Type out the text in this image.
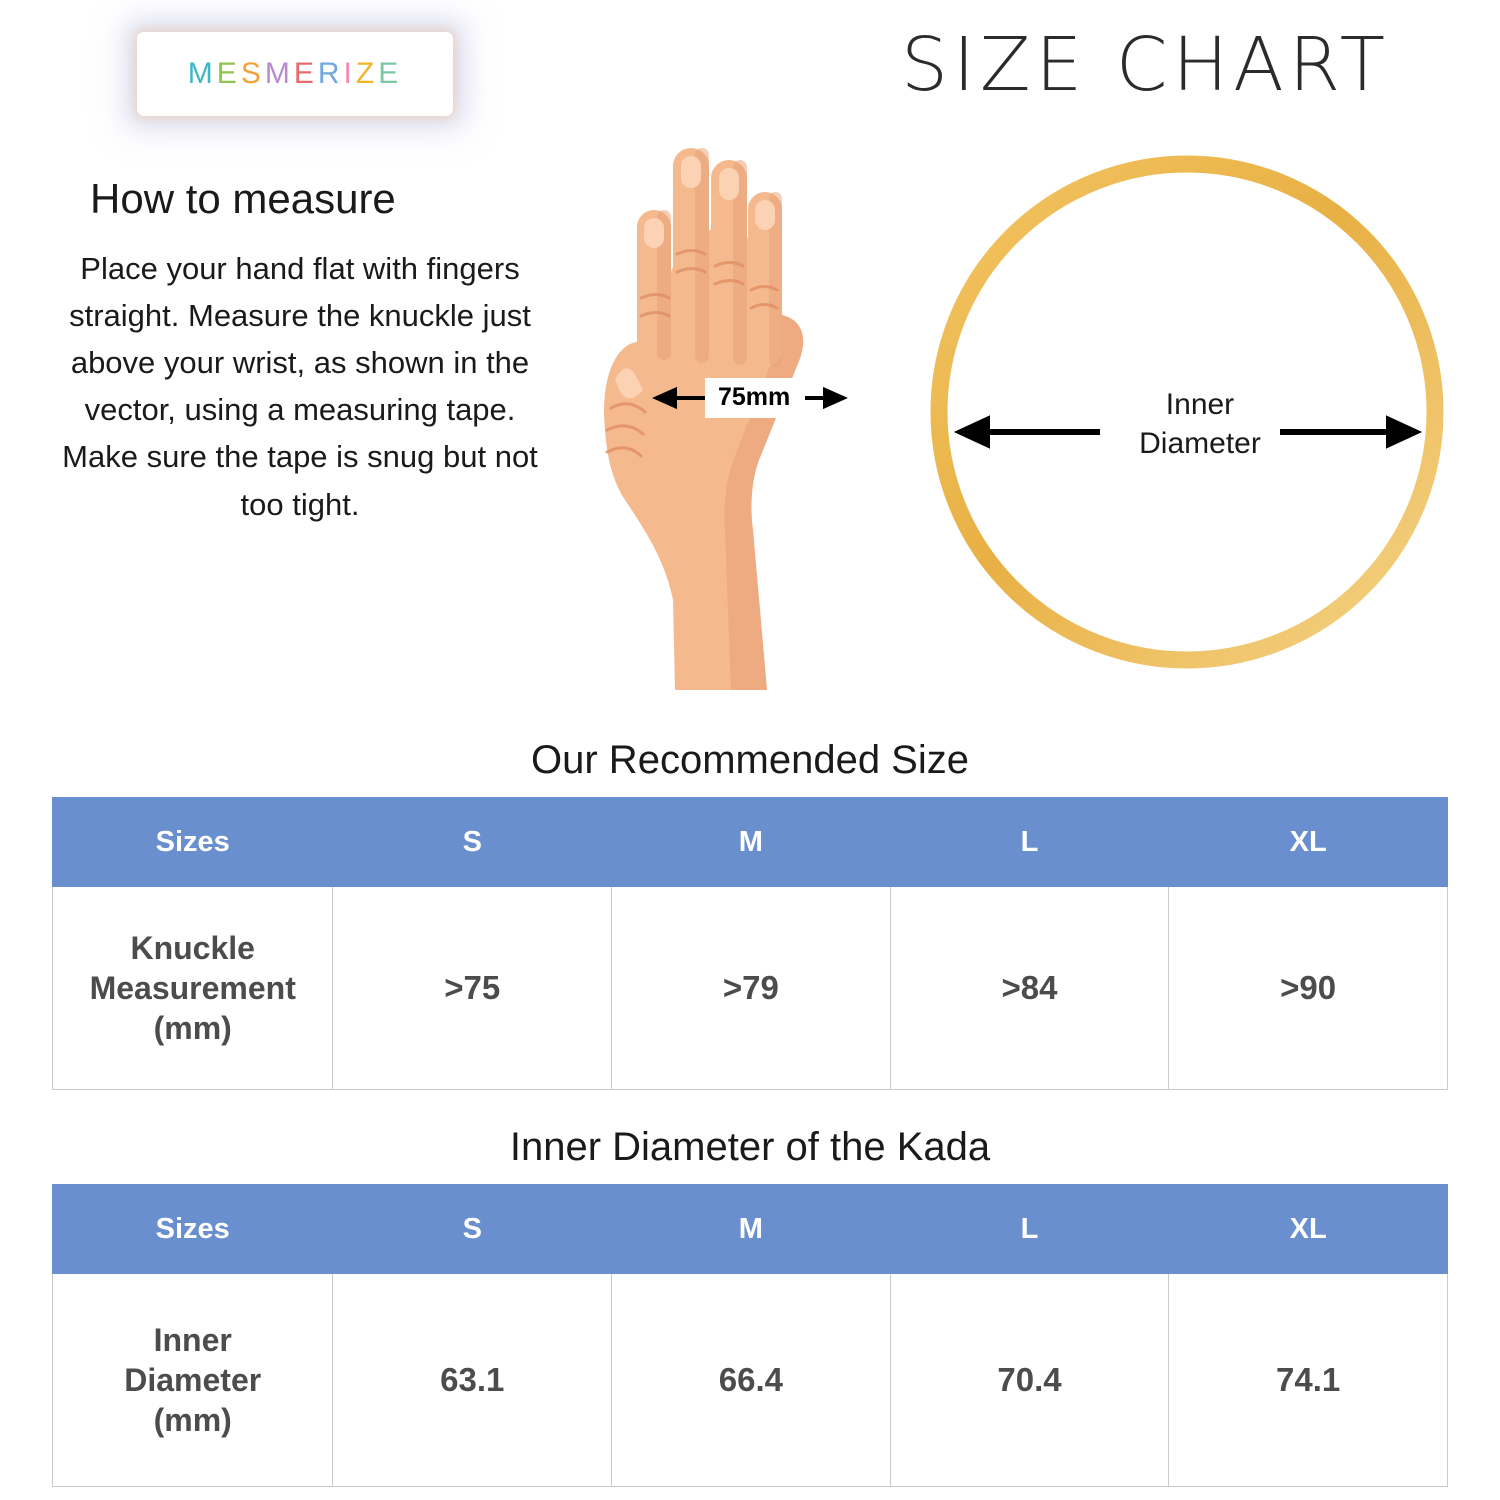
MESMERIZE	SIZE CHART
How to measure

Place your hand flat with fingers straight. Measure the knuckle just above your wrist, as shown in the vector, using a measuring tape. Make sure the tape is snug but not too tight.

75mm	Inner
Diameter
Our Recommended Size
Sizes	S	M	L	XL

Knuckle
Measurement
(mm)	>75	>79	>84	>90
Inner Diameter of the Kada
Sizes	S	M	L	XL

Inner
Diameter
(mm)	63.1	66.4	70.4	74.1
